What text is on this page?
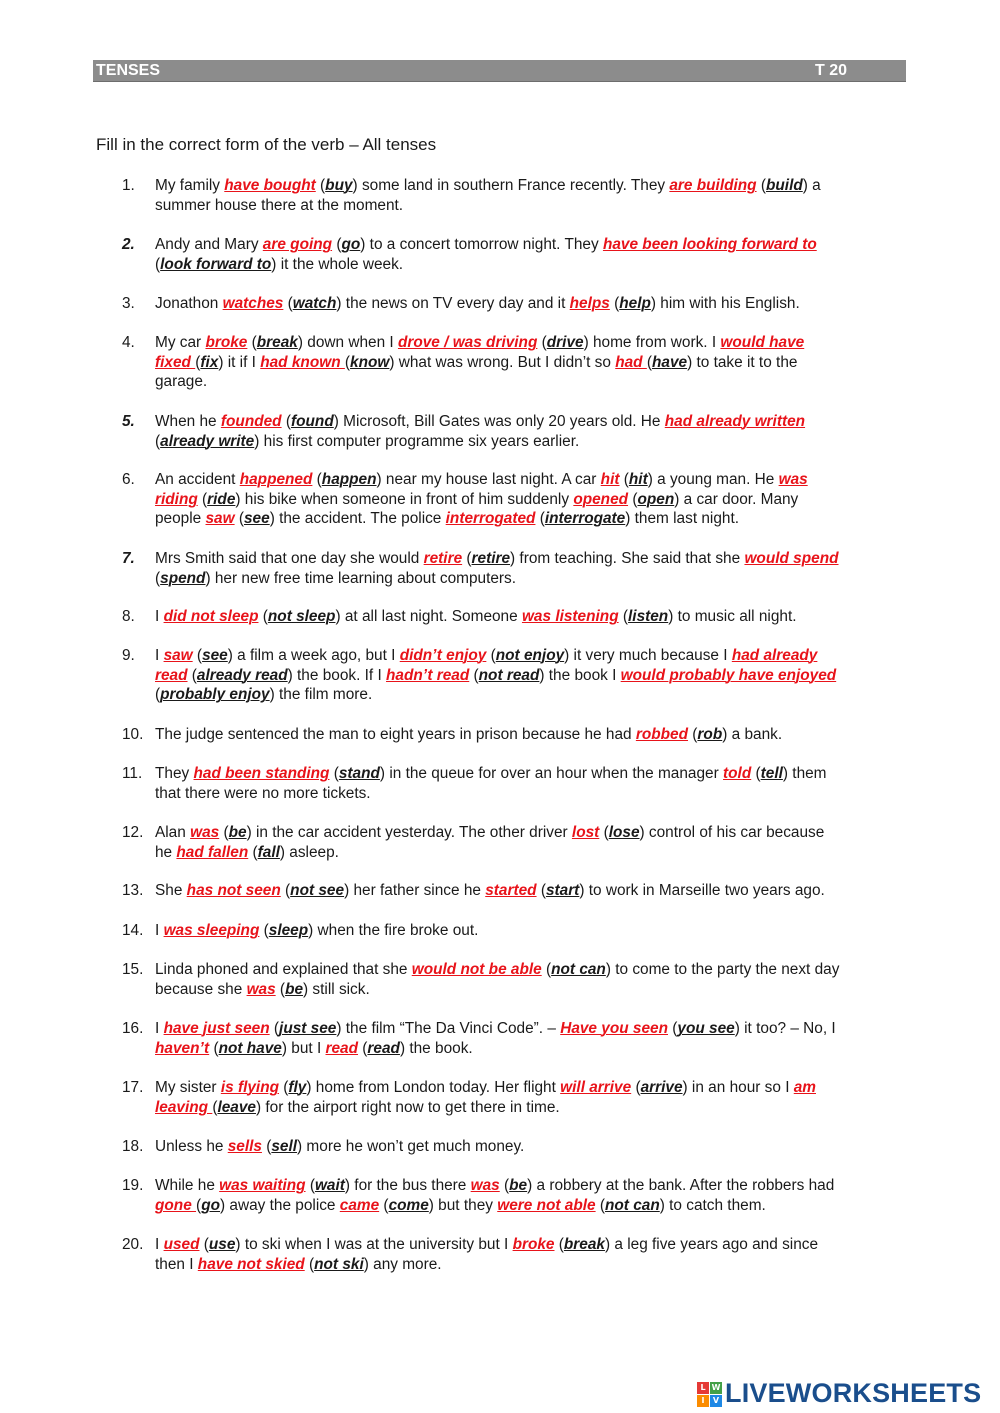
TENSES	T 20
Fill in the correct form of the verb – All tenses
1.	My family have bought (buy) some land in southern France recently. They are building (build) a
summer house there at the moment.
2.	Andy and Mary are going (go) to a concert tomorrow night. They have been looking forward to
(look forward to) it the whole week.
3.	Jonathon watches (watch) the news on TV every day and it helps (help) him with his English.
4.	My car broke (break) down when I drove / was driving (drive) home from work. I would have
fixed (fix) it if I had known (know) what was wrong. But I didn’t so had (have) to take it to the
garage.
5.	When he founded (found) Microsoft, Bill Gates was only 20 years old. He had already written
(already write) his first computer programme six years earlier.
6.	An accident happened (happen) near my house last night. A car hit (hit) a young man. He was
riding (ride) his bike when someone in front of him suddenly opened (open) a car door. Many
people saw (see) the accident. The police interrogated (interrogate) them last night.
7.	Mrs Smith said that one day she would retire (retire) from teaching. She said that she would spend
(spend) her new free time learning about computers.
8.	I did not sleep (not sleep) at all last night. Someone was listening (listen) to music all night.
9.	I saw (see) a film a week ago, but I didn’t enjoy (not enjoy) it very much because I had already
read (already read) the book. If I hadn’t read (not read) the book I would probably have enjoyed
(probably enjoy) the film more.
10. The judge sentenced the man to eight years in prison because he had robbed (rob) a bank.
11. They had been standing (stand) in the queue for over an hour when the manager told (tell) them
that there were no more tickets.
12. Alan was (be) in the car accident yesterday. The other driver lost (lose) control of his car because
he had fallen (fall) asleep.
13. She has not seen (not see) her father since he started (start) to work in Marseille two years ago.
14. I was sleeping (sleep) when the fire broke out.
15. Linda phoned and explained that she would not be able (not can) to come to the party the next day
because she was (be) still sick.
16. I have just seen (just see) the film “The Da Vinci Code”. – Have you seen (you see) it too? – No, I
haven’t (not have) but I read (read) the book.
17. My sister is flying (fly) home from London today. Her flight will arrive (arrive) in an hour so I am
leaving (leave) for the airport right now to get there in time.
18. Unless he sells (sell) more he won’t get much money.
19. While he was waiting (wait) for the bus there was (be) a robbery at the bank. After the robbers had
gone (go) away the police came (come) but they were not able (not can) to catch them.
20. I used (use) to ski when I was at the university but I broke (break) a leg five years ago and since
then I have not skied (not ski) any more.
L W
I	V LIVEWORKSHEETS
